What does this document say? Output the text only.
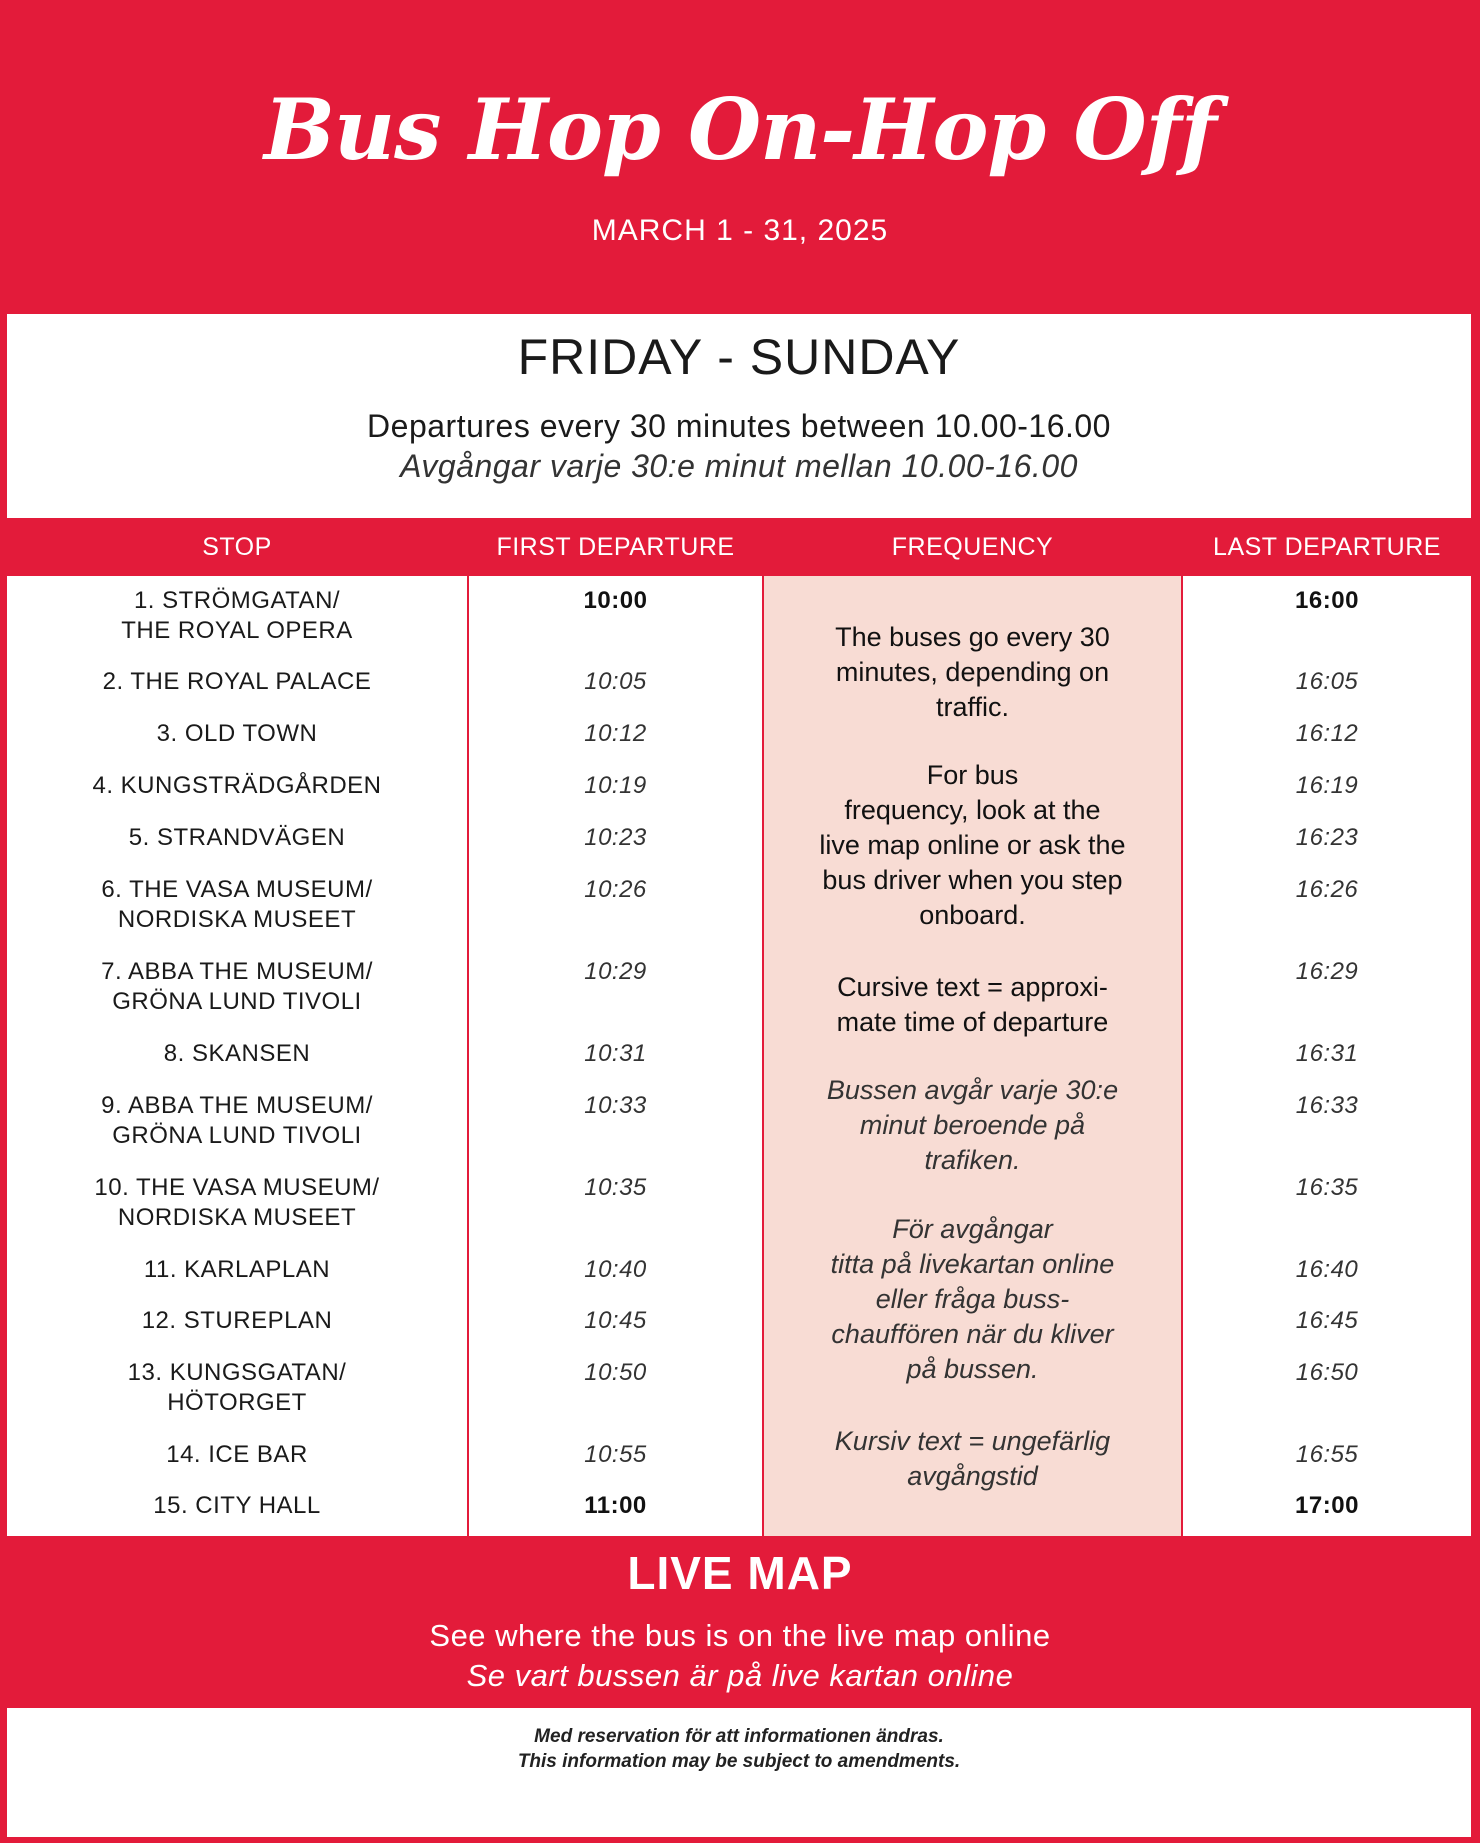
Bus Hop On-Hop Off
MARCH 1 - 31, 2025
FRIDAY - SUNDAY
Departures every 30 minutes between 10.00-16.00
Avgångar varje 30:e minut mellan 10.00-16.00
STOP	FIRST DEPARTURE	FREQUENCY	LAST DEPARTURE
1. STRÖMGATAN/
THE ROYAL OPERA
10:00	16:00
2. THE ROYAL PALACE	10:05	16:05
3. OLD TOWN	10:12	16:12
4. KUNGSTRÄDGÅRDEN	10:19	16:19
5. STRANDVÄGEN	10:23	16:23
6. THE VASA MUSEUM/
NORDISKA MUSEET
10:26	16:26
7. ABBA THE MUSEUM/
GRÖNA LUND TIVOLI
10:29	16:29
8. SKANSEN	10:31	16:31
9. ABBA THE MUSEUM/
GRÖNA LUND TIVOLI
10:33	16:33
10. THE VASA MUSEUM/
NORDISKA MUSEET
10:35	16:35
11. KARLAPLAN	10:40	16:40
12. STUREPLAN	10:45	16:45
13. KUNGSGATAN/
HÖTORGET
10:50	16:50
14. ICE BAR	10:55	16:55
15. CITY HALL	11:00	17:00
The buses go every 30
minutes, depending on
traffic.
For bus
frequency, look at the
live map online or ask the
bus driver when you step
onboard.
Cursive text = approxi-
mate time of departure
Bussen avgår varje 30:e
minut beroende på
trafiken.
För avgångar
titta på livekartan online
eller fråga buss-
chauffören när du kliver
på bussen.
Kursiv text = ungefärlig
avgångstid
LIVE MAP
See where the bus is on the live map online
Se vart bussen är på live kartan online
Med reservation för att informationen ändras.
This information may be subject to amendments.
